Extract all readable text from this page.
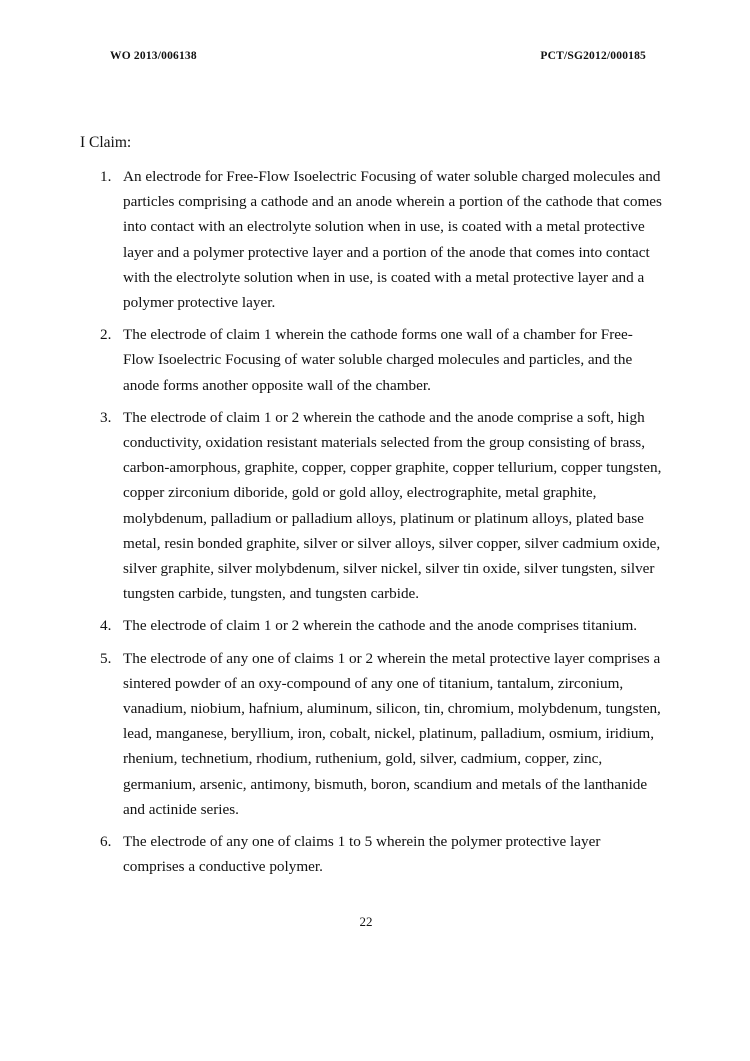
WO 2013/006138	PCT/SG2012/000185
I Claim:
1. An electrode for Free-Flow Isoelectric Focusing of water soluble charged molecules and particles comprising a cathode and an anode wherein a portion of the cathode that comes into contact with an electrolyte solution when in use, is coated with a metal protective layer and a polymer protective layer and a portion of the anode that comes into contact with the electrolyte solution when in use, is coated with a metal protective layer and a polymer protective layer.
2. The electrode of claim 1 wherein the cathode forms one wall of a chamber for Free-Flow Isoelectric Focusing of water soluble charged molecules and particles, and the anode forms another opposite wall of the chamber.
3. The electrode of claim 1 or 2 wherein the cathode and the anode comprise a soft, high conductivity, oxidation resistant materials selected from the group consisting of brass, carbon-amorphous, graphite, copper, copper graphite, copper tellurium, copper tungsten, copper zirconium diboride, gold or gold alloy, electrographite, metal graphite, molybdenum, palladium or palladium alloys, platinum or platinum alloys, plated base metal, resin bonded graphite, silver or silver alloys, silver copper, silver cadmium oxide, silver graphite, silver molybdenum, silver nickel, silver tin oxide, silver tungsten, silver tungsten carbide, tungsten, and tungsten carbide.
4. The electrode of claim 1 or 2 wherein the cathode and the anode comprises titanium.
5. The electrode of any one of claims 1 or 2 wherein the metal protective layer comprises a sintered powder of an oxy-compound of any one of titanium, tantalum, zirconium, vanadium, niobium, hafnium, aluminum, silicon, tin, chromium, molybdenum, tungsten, lead, manganese, beryllium, iron, cobalt, nickel, platinum, palladium, osmium, iridium, rhenium, technetium, rhodium, ruthenium, gold, silver, cadmium, copper, zinc, germanium, arsenic, antimony, bismuth, boron, scandium and metals of the lanthanide and actinide series.
6. The electrode of any one of claims 1 to 5 wherein the polymer protective layer comprises a conductive polymer.
22
